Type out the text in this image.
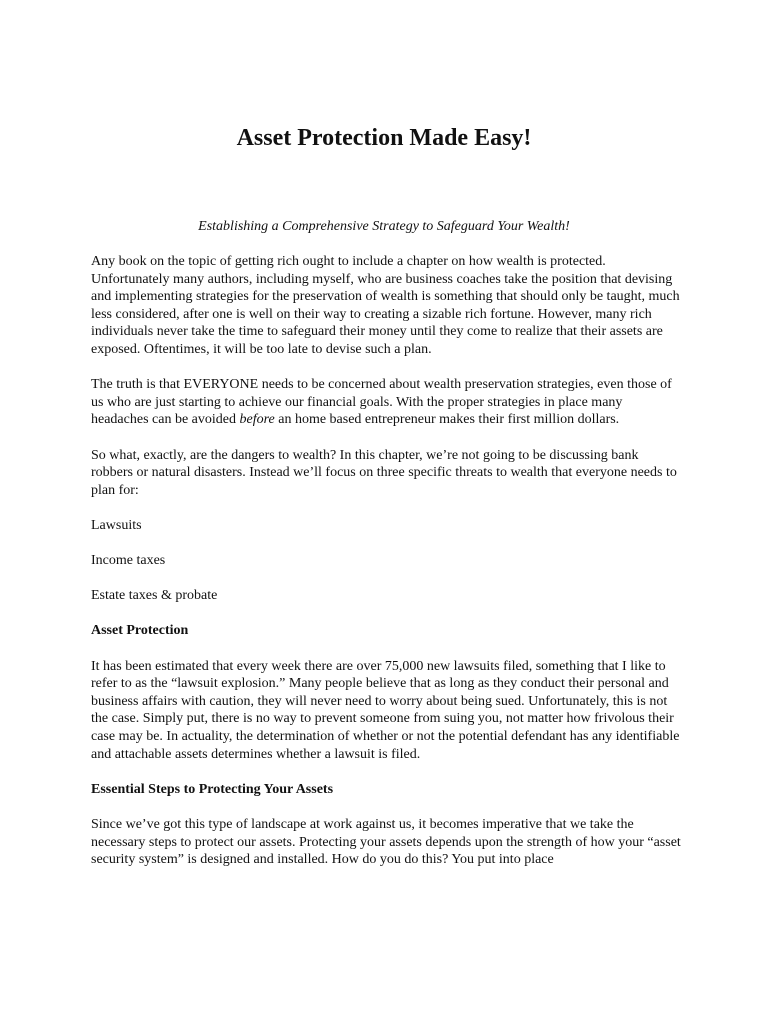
Asset Protection Made Easy!

Establishing a Comprehensive Strategy to Safeguard Your Wealth!

Any book on the topic of getting rich ought to include a chapter on how wealth is protected. Unfortunately many authors, including myself, who are business coaches take the position that devising and implementing strategies for the preservation of wealth is something that should only be taught, much less considered, after one is well on their way to creating a sizable rich fortune. However, many rich individuals never take the time to safeguard their money until they come to realize that their assets are exposed. Oftentimes, it will be too late to devise such a plan.

The truth is that EVERYONE needs to be concerned about wealth preservation strategies, even those of us who are just starting to achieve our financial goals. With the proper strategies in place many headaches can be avoided before an home based entrepreneur makes their first million dollars.

So what, exactly, are the dangers to wealth? In this chapter, we’re not going to be discussing bank robbers or natural disasters. Instead we’ll focus on three specific threats to wealth that everyone needs to plan for:

Lawsuits

Income taxes

Estate taxes & probate

Asset Protection

It has been estimated that every week there are over 75,000 new lawsuits filed, something that I like to refer to as the “lawsuit explosion.” Many people believe that as long as they conduct their personal and business affairs with caution, they will never need to worry about being sued. Unfortunately, this is not the case. Simply put, there is no way to prevent someone from suing you, not matter how frivolous their case may be. In actuality, the determination of whether or not the potential defendant has any identifiable and attachable assets determines whether a lawsuit is filed.

Essential Steps to Protecting Your Assets

Since we’ve got this type of landscape at work against us, it becomes imperative that we take the necessary steps to protect our assets. Protecting your assets depends upon the strength of how your “asset security system” is designed and installed. How do you do this? You put into place
